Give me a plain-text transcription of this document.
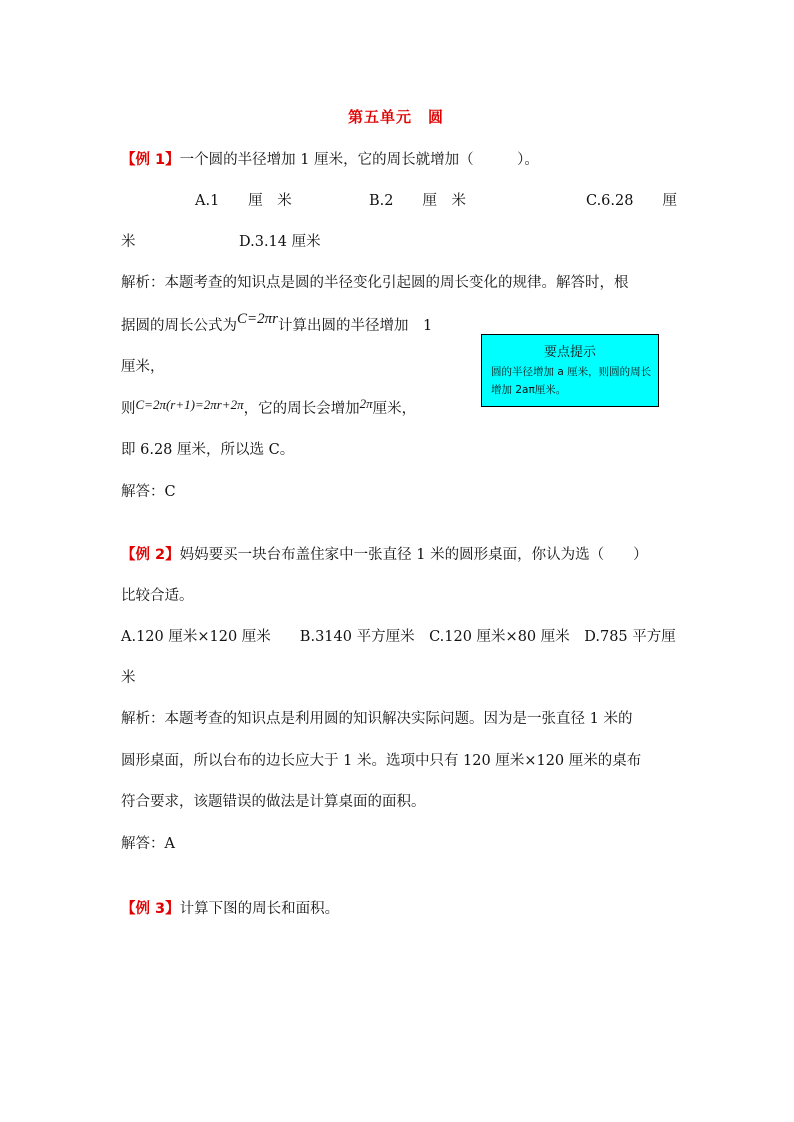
第五单元　圆
【例 1】一个圆的半径增加 1 厘米，它的周长就增加（　　　）。
A.1　　厘　米	B.2　　厘　米	C.6.28　　厘
米	D.3.14 厘米
解析：本题考查的知识点是圆的半径变化引起圆的周长变化的规律。解答时，根
据圆的周长公式为C=2πr计算出圆的半径增加　1
厘米，
则C=2π(r+1)=2πr+2π，它的周长会增加2π厘米，
即 6.28 厘米，所以选 C。
解答：C
要点提示
圆的半径增加 a 厘米，则圆的周长增加 2aπ厘米。
【例 2】妈妈要买一块台布盖住家中一张直径 1 米的圆形桌面，你认为选（　　）
比较合适。
A.120 厘米×120 厘米　　B.3140 平方厘米　C.120 厘米×80 厘米　D.785 平方厘
米
解析：本题考查的知识点是利用圆的知识解决实际问题。因为是一张直径 1 米的
圆形桌面，所以台布的边长应大于 1 米。选项中只有 120 厘米×120 厘米的桌布
符合要求，该题错误的做法是计算桌面的面积。
解答：A
【例 3】计算下图的周长和面积。
